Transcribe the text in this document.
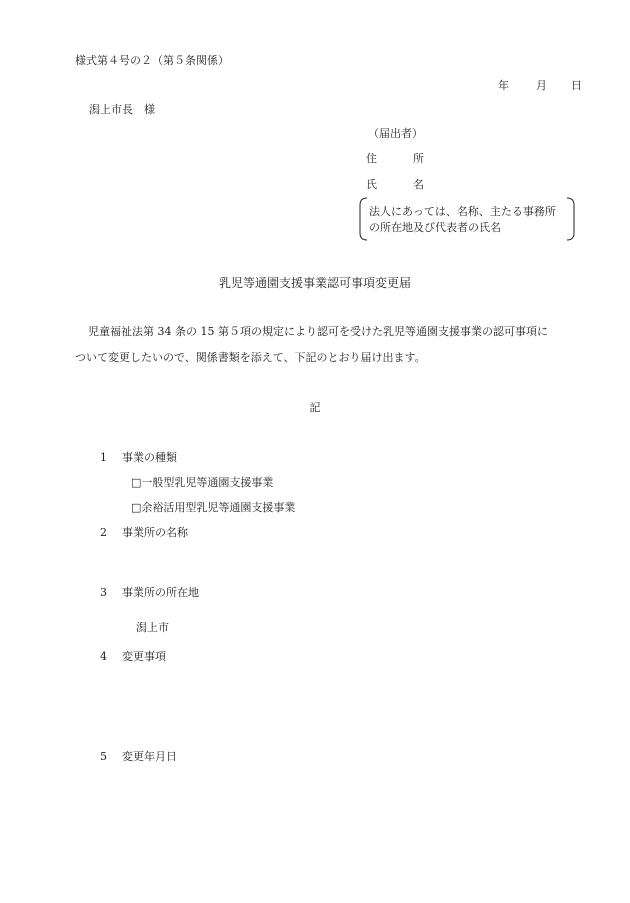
様式第４号の２（第５条関係）
年 月 日
潟上市長　様
（届出者）
住	所
氏	名
法人にあっては、名称、主たる事務所
の所在地及び代表者の氏名
乳児等通園支援事業認可事項変更届
児童福祉法第 34 条の 15 第５項の規定により認可を受けた乳児等通園支援事業の認可事項に
ついて変更したいので、関係書類を添えて、下記のとおり届け出ます。
記
1 事業の種類
□一般型乳児等通園支援事業
□余裕活用型乳児等通園支援事業
2 事業所の名称
3 事業所の所在地
潟上市
4 変更事項
5 変更年月日
